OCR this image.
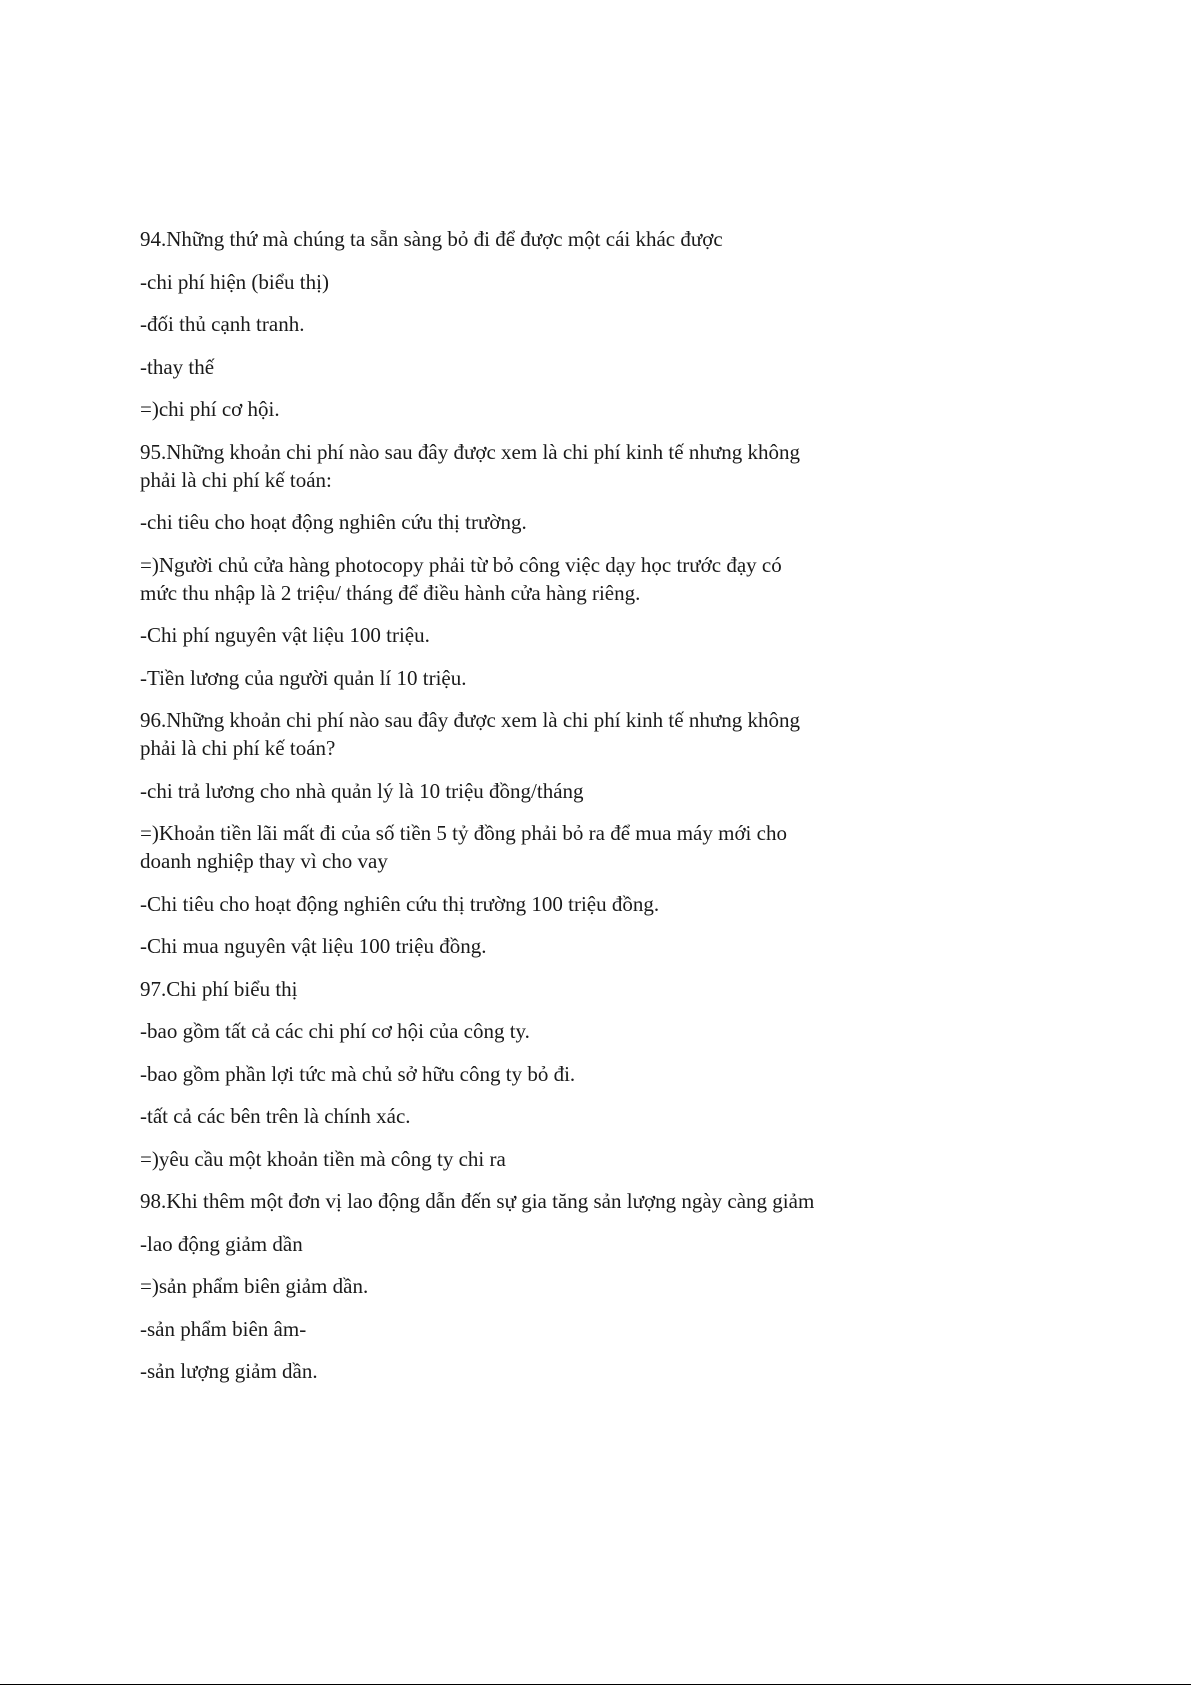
94.Những thứ mà chúng ta sẵn sàng bỏ đi để được một cái khác được

-chi phí hiện (biểu thị)

-đối thủ cạnh tranh.

-thay thế

=)chi phí cơ hội.

95.Những khoản chi phí nào sau đây được xem là chi phí kinh tế nhưng không phải là chi phí kế toán:

-chi tiêu cho hoạt động nghiên cứu thị trường.

=)Người chủ cửa hàng photocopy phải từ bỏ công việc dạy học trước đạy có mức thu nhập là 2 triệu/ tháng để điều hành cửa hàng riêng.

-Chi phí nguyên vật liệu 100 triệu.

-Tiền lương của người quản lí 10 triệu.

96.Những khoản chi phí nào sau đây được xem là chi phí kinh tế nhưng không phải là chi phí kế toán?

-chi trả lương cho nhà quản lý là 10 triệu đồng/tháng

=)Khoản tiền lãi mất đi của số tiền 5 tỷ đồng phải bỏ ra để mua máy mới cho doanh nghiệp thay vì cho vay

-Chi tiêu cho hoạt động nghiên cứu thị trường 100 triệu đồng.

-Chi mua nguyên vật liệu 100 triệu đồng.

97.Chi phí biểu thị

-bao gồm tất cả các chi phí cơ hội của công ty.

-bao gồm phần lợi tức mà chủ sở hữu công ty bỏ đi.

-tất cả các bên trên là chính xác.

=)yêu cầu một khoản tiền mà công ty chi ra

98.Khi thêm một đơn vị lao động dẫn đến sự gia tăng sản lượng ngày càng giảm

-lao động giảm dần

=)sản phẩm biên giảm dần.

-sản phẩm biên âm-

-sản lượng giảm dần.
